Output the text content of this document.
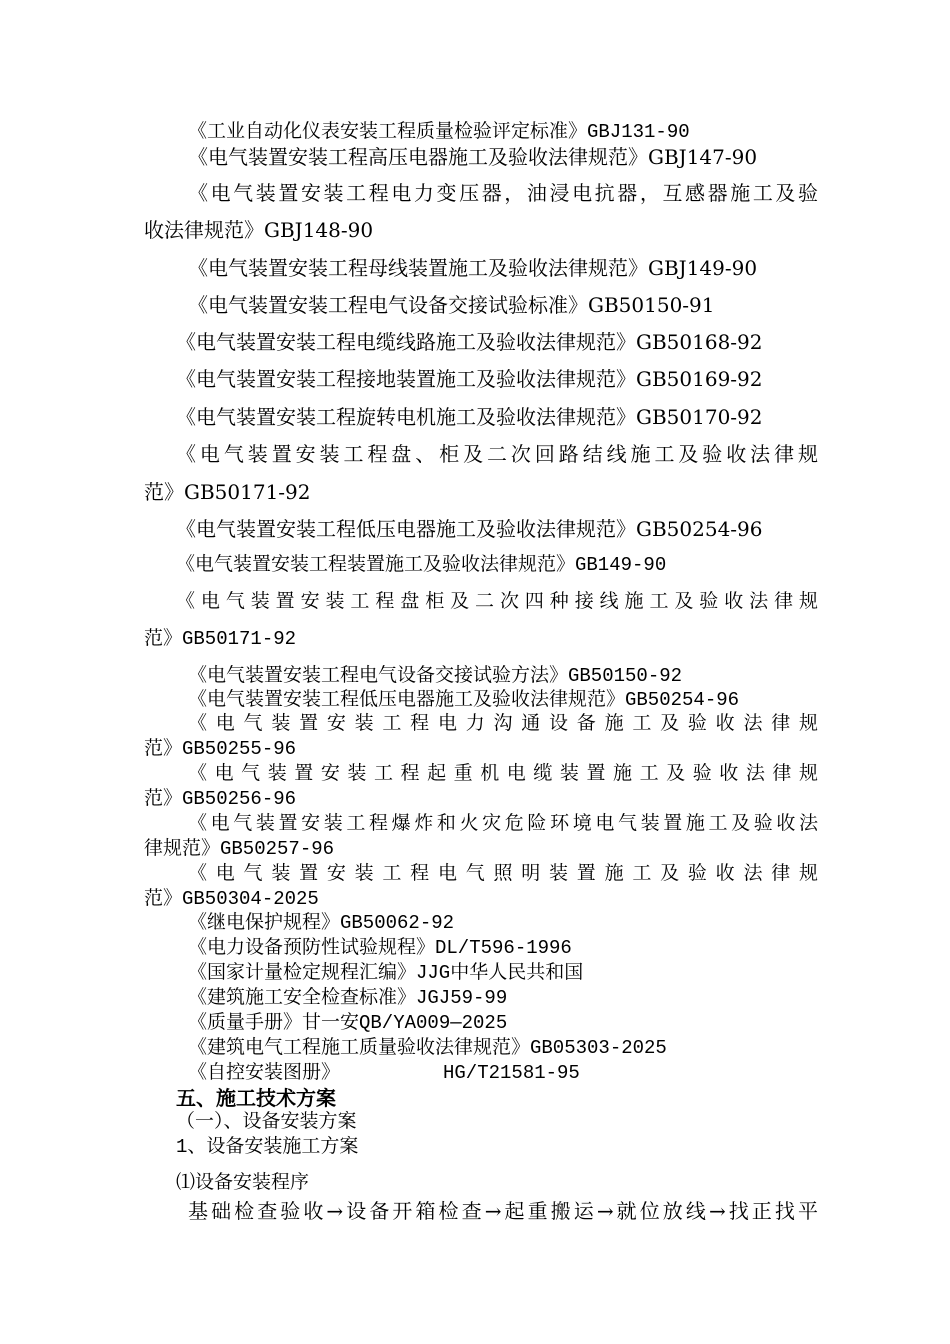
《工业自动化仪表安装工程质量检验评定标准》GBJ131-90
《电气装置安装工程高压电器施工及验收法律规范》GBJ147-90
《电气装置安装工程电力变压器，油浸电抗器，互感器施工及验
收法律规范》GBJ148-90
《电气装置安装工程母线装置施工及验收法律规范》GBJ149-90
《电气装置安装工程电气设备交接试验标准》GB50150-91
《电气装置安装工程电缆线路施工及验收法律规范》GB50168-92
《电气装置安装工程接地装置施工及验收法律规范》GB50169-92
《电气装置安装工程旋转电机施工及验收法律规范》GB50170-92
《电气装置安装工程盘、柜及二次回路结线施工及验收法律规
范》GB50171-92
《电气装置安装工程低压电器施工及验收法律规范》GB50254-96
《电气装置安装工程装置施工及验收法律规范》GB149-90
《电气装置安装工程盘柜及二次四种接线施工及验收法律规
范》GB50171-92
《电气装置安装工程电气设备交接试验方法》GB50150-92
《电气装置安装工程低压电器施工及验收法律规范》GB50254-96
《电气装置安装工程电力沟通设备施工及验收法律规
范》GB50255-96
《电气装置安装工程起重机电缆装置施工及验收法律规
范》GB50256-96
《电气装置安装工程爆炸和火灾危险环境电气装置施工及验收法
律规范》GB50257-96
《电气装置安装工程电气照明装置施工及验收法律规
范》GB50304-2025
《继电保护规程》GB50062-92
《电力设备预防性试验规程》DL/T596-1996
《国家计量检定规程汇编》JJG中华人民共和国
《建筑施工安全检查标准》JGJ59-99
《质量手册》甘一安QB/YA009—2025
《建筑电气工程施工质量验收法律规范》GB05303-2025
《自控安装图册》	HG/T21581-95
五、施工技术方案
（一）、设备安装方案
1、设备安装施工方案
⑴设备安装程序
基础检查验收→设备开箱检查→起重搬运→就位放线→找正找平
